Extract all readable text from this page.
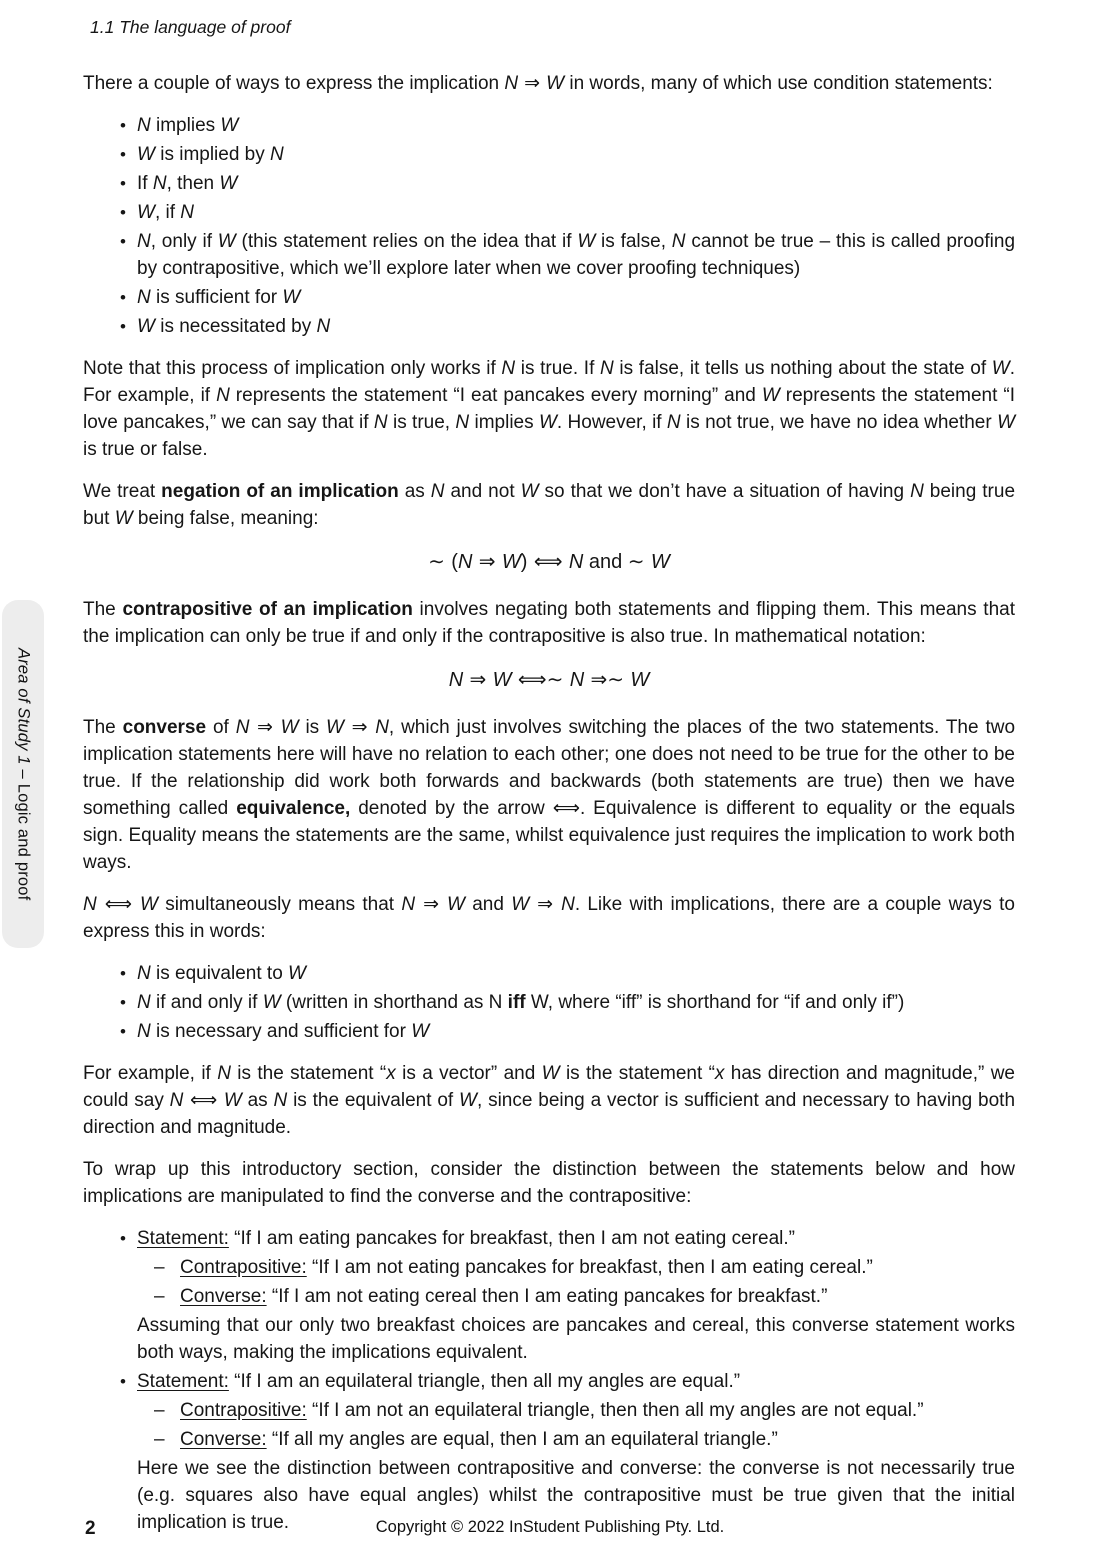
1.1 The language of proof
Area of Study 1 – Logic and proof

There a couple of ways to express the implication N ⇒ W in words, many of which use condition statements:

• N implies W
• W is implied by N
• If N, then W
• W, if N
• N, only if W (this statement relies on the idea that if W is false, N cannot be true – this is called proofing by contrapositive, which we’ll explore later when we cover proofing techniques)
• N is sufficient for W
• W is necessitated by N

Note that this process of implication only works if N is true. If N is false, it tells us nothing about the state of W. For example, if N represents the statement “I eat pancakes every morning” and W represents the statement “I love pancakes,” we can say that if N is true, N implies W. However, if N is not true, we have no idea whether W is true or false.

We treat negation of an implication as N and not W so that we don’t have a situation of having N being true but W being false, meaning:

∼ (N ⇒ W) ⟺ N and ∼ W

The contrapositive of an implication involves negating both statements and flipping them. This means that the implication can only be true if and only if the contrapositive is also true. In mathematical notation:

N ⇒ W ⟺∼ N ⇒∼ W

The converse of N ⇒ W is W ⇒ N, which just involves switching the places of the two statements. The two implication statements here will have no relation to each other; one does not need to be true for the other to be true. If the relationship did work both forwards and backwards (both statements are true) then we have something called equivalence, denoted by the arrow ⟺. Equivalence is different to equality or the equals sign. Equality means the statements are the same, whilst equivalence just requires the implication to work both ways.

N ⟺ W simultaneously means that N ⇒ W and W ⇒ N. Like with implications, there are a couple ways to express this in words:

• N is equivalent to W
• N if and only if W (written in shorthand as N iff W, where “iff” is shorthand for “if and only if”)
• N is necessary and sufficient for W

For example, if N is the statement “x is a vector” and W is the statement “x has direction and magnitude,” we could say N ⟺ W as N is the equivalent of W, since being a vector is sufficient and necessary to having both direction and magnitude.

To wrap up this introductory section, consider the distinction between the statements below and how implications are manipulated to find the converse and the contrapositive:

• Statement: “If I am eating pancakes for breakfast, then I am not eating cereal.”
– Contrapositive: “If I am not eating pancakes for breakfast, then I am eating cereal.”
– Converse: “If I am not eating cereal then I am eating pancakes for breakfast.”
Assuming that our only two breakfast choices are pancakes and cereal, this converse statement works both ways, making the implications equivalent.
• Statement: “If I am an equilateral triangle, then all my angles are equal.”
– Contrapositive: “If I am not an equilateral triangle, then then all my angles are not equal.”
– Converse: “If all my angles are equal, then I am an equilateral triangle.”
Here we see the distinction between contrapositive and converse: the converse is not necessarily true (e.g. squares also have equal angles) whilst the contrapositive must be true given that the initial implication is true.
2	Copyright © 2022 InStudent Publishing Pty. Ltd.
